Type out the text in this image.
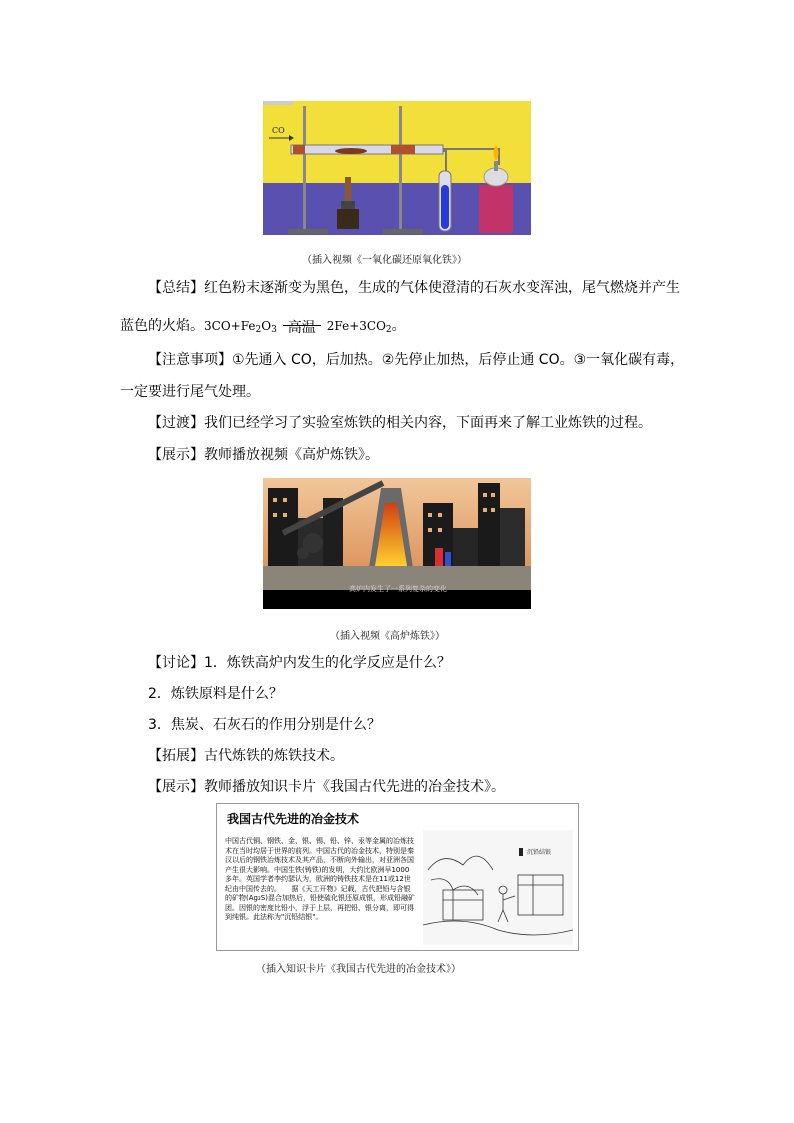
CO
（插入视频《一氧化碳还原氧化铁》）
【总结】红色粉末逐渐变为黑色，生成的气体使澄清的石灰水变浑浊，尾气燃烧并产生
蓝色的火焰。$3CO+Fe_2O_3$ 高温 $2Fe+3CO_2$。
【注意事项】①先通入 CO，后加热。②先停止加热，后停止通 CO。③一氧化碳有毒，
一定要进行尾气处理。
【过渡】我们已经学习了实验室炼铁的相关内容，下面再来了解工业炼铁的过程。
【展示】教师播放视频《高炉炼铁》。
高炉内发生了一系列复杂的变化
（插入视频《高炉炼铁》）
【讨论】1．炼铁高炉内发生的化学反应是什么？
2．炼铁原料是什么？
3．焦炭、石灰石的作用分别是什么？
【拓展】古代炼铁的炼铁技术。
【展示】教师播放知识卡片《我国古代先进的冶金技术》。
我国古代先进的冶金技术
中国古代铜、钢铁、金、银、锡、铅、锌、汞等金属的冶炼技术在当时均居于世界的前列。中国古代的冶金技术，特别是秦汉以后的钢铁冶炼技术及其产品，不断向外输出，对亚洲各国产生很大影响。中国生铁(铸铁)的发明，大约比欧洲早1000多年。英国学者李约瑟认为，欧洲的铸铁技术是在11或12世纪由中国传去的。　　据《天工开物》记载，古代把铅与含银的矿物(Ag₂S)混合加热后，铅使硫化银还原成银，形成铅融矿团。因银的密度比铅小，浮于上层，再把铅、银分离，即可得到纯银。此法称为"沉铅结银"。
沉铅结银
（插入知识卡片《我国古代先进的冶金技术》）
